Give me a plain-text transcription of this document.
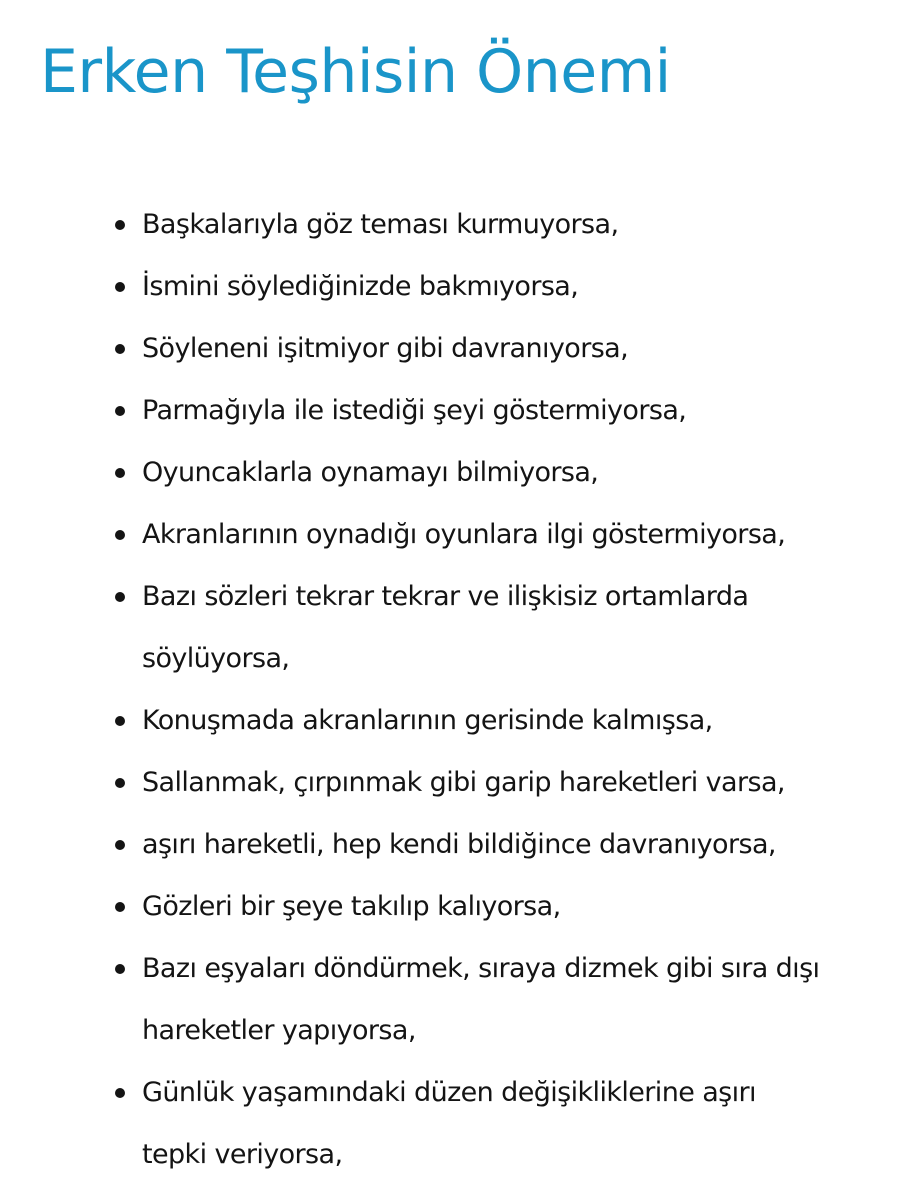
Erken Teşhisin Önemi
Başkalarıyla göz teması kurmuyorsa,
İsmini söylediğinizde bakmıyorsa,
Söyleneni işitmiyor gibi davranıyorsa,
Parmağıyla ile istediği şeyi göstermiyorsa,
Oyuncaklarla oynamayı bilmiyorsa,
Akranlarının oynadığı oyunlara ilgi göstermiyorsa,
Bazı sözleri tekrar tekrar ve ilişkisiz ortamlarda
söylüyorsa,
Konuşmada akranlarının gerisinde kalmışsa,
Sallanmak, çırpınmak gibi garip hareketleri varsa,
aşırı hareketli, hep kendi bildiğince davranıyorsa,
Gözleri bir şeye takılıp kalıyorsa,
Bazı eşyaları döndürmek, sıraya dizmek gibi sıra dışı
hareketler yapıyorsa,
Günlük yaşamındaki düzen değişikliklerine aşırı
tepki veriyorsa,
